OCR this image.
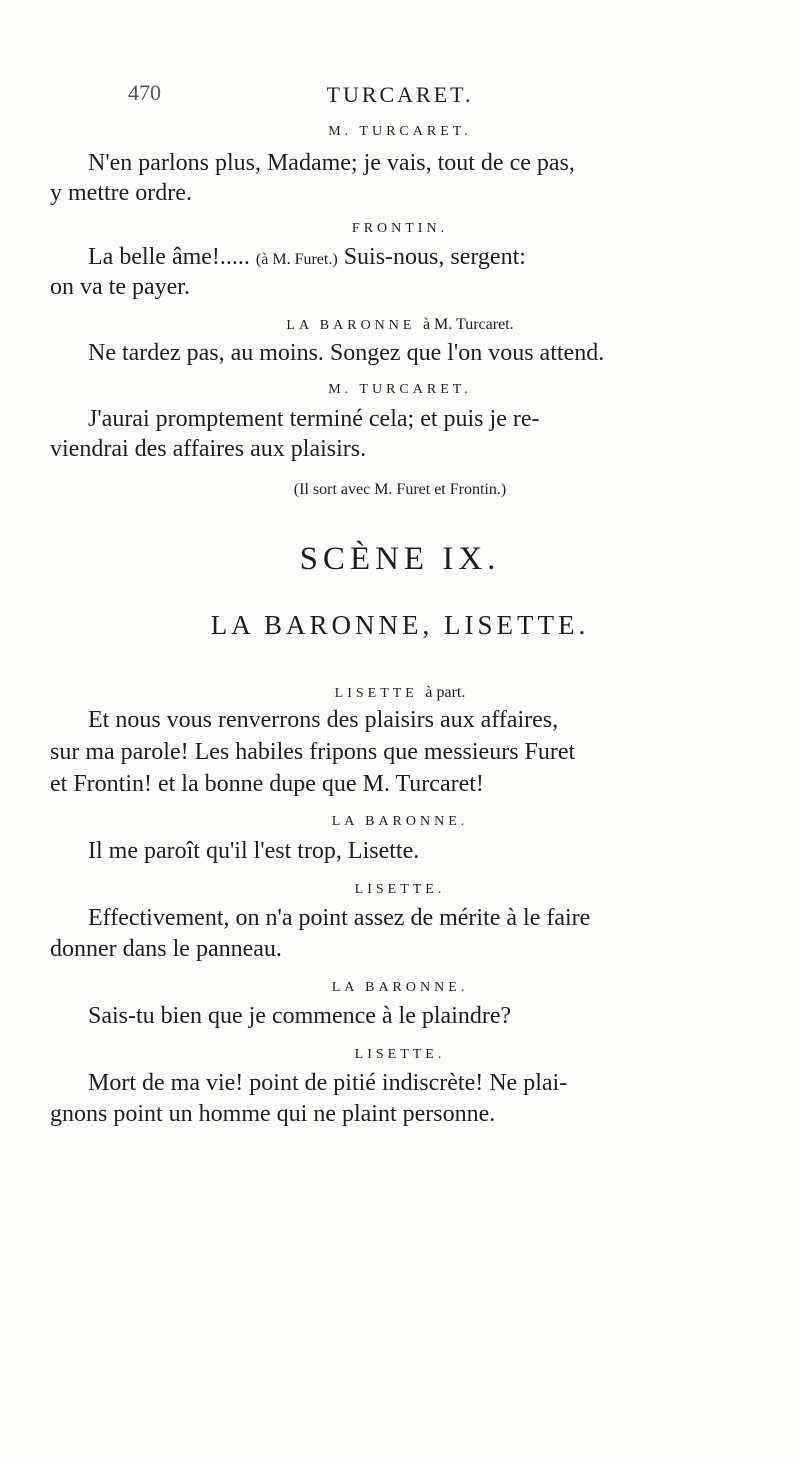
470	TURCARET.
M. TURCARET.
N'en parlons plus, Madame; je vais, tout de ce pas,
y mettre ordre.
FRONTIN.
La belle âme!..... (à M. Furet.) Suis-nous, sergent:
on va te payer.
LA BARONNE à M. Turcaret.
Ne tardez pas, au moins. Songez que l'on vous attend.
M. TURCARET.
J'aurai promptement terminé cela; et puis je re-
viendrai des affaires aux plaisirs.
(Il sort avec M. Furet et Frontin.)
SCÈNE IX.
LA BARONNE, LISETTE.
LISETTE à part.
Et nous vous renverrons des plaisirs aux affaires,
sur ma parole! Les habiles fripons que messieurs Furet
et Frontin! et la bonne dupe que M. Turcaret!
LA BARONNE.
Il me paroît qu'il l'est trop, Lisette.
LISETTE.
Effectivement, on n'a point assez de mérite à le faire
donner dans le panneau.
LA BARONNE.
Sais-tu bien que je commence à le plaindre?
LISETTE.
Mort de ma vie! point de pitié indiscrète! Ne plai-
gnons point un homme qui ne plaint personne.
